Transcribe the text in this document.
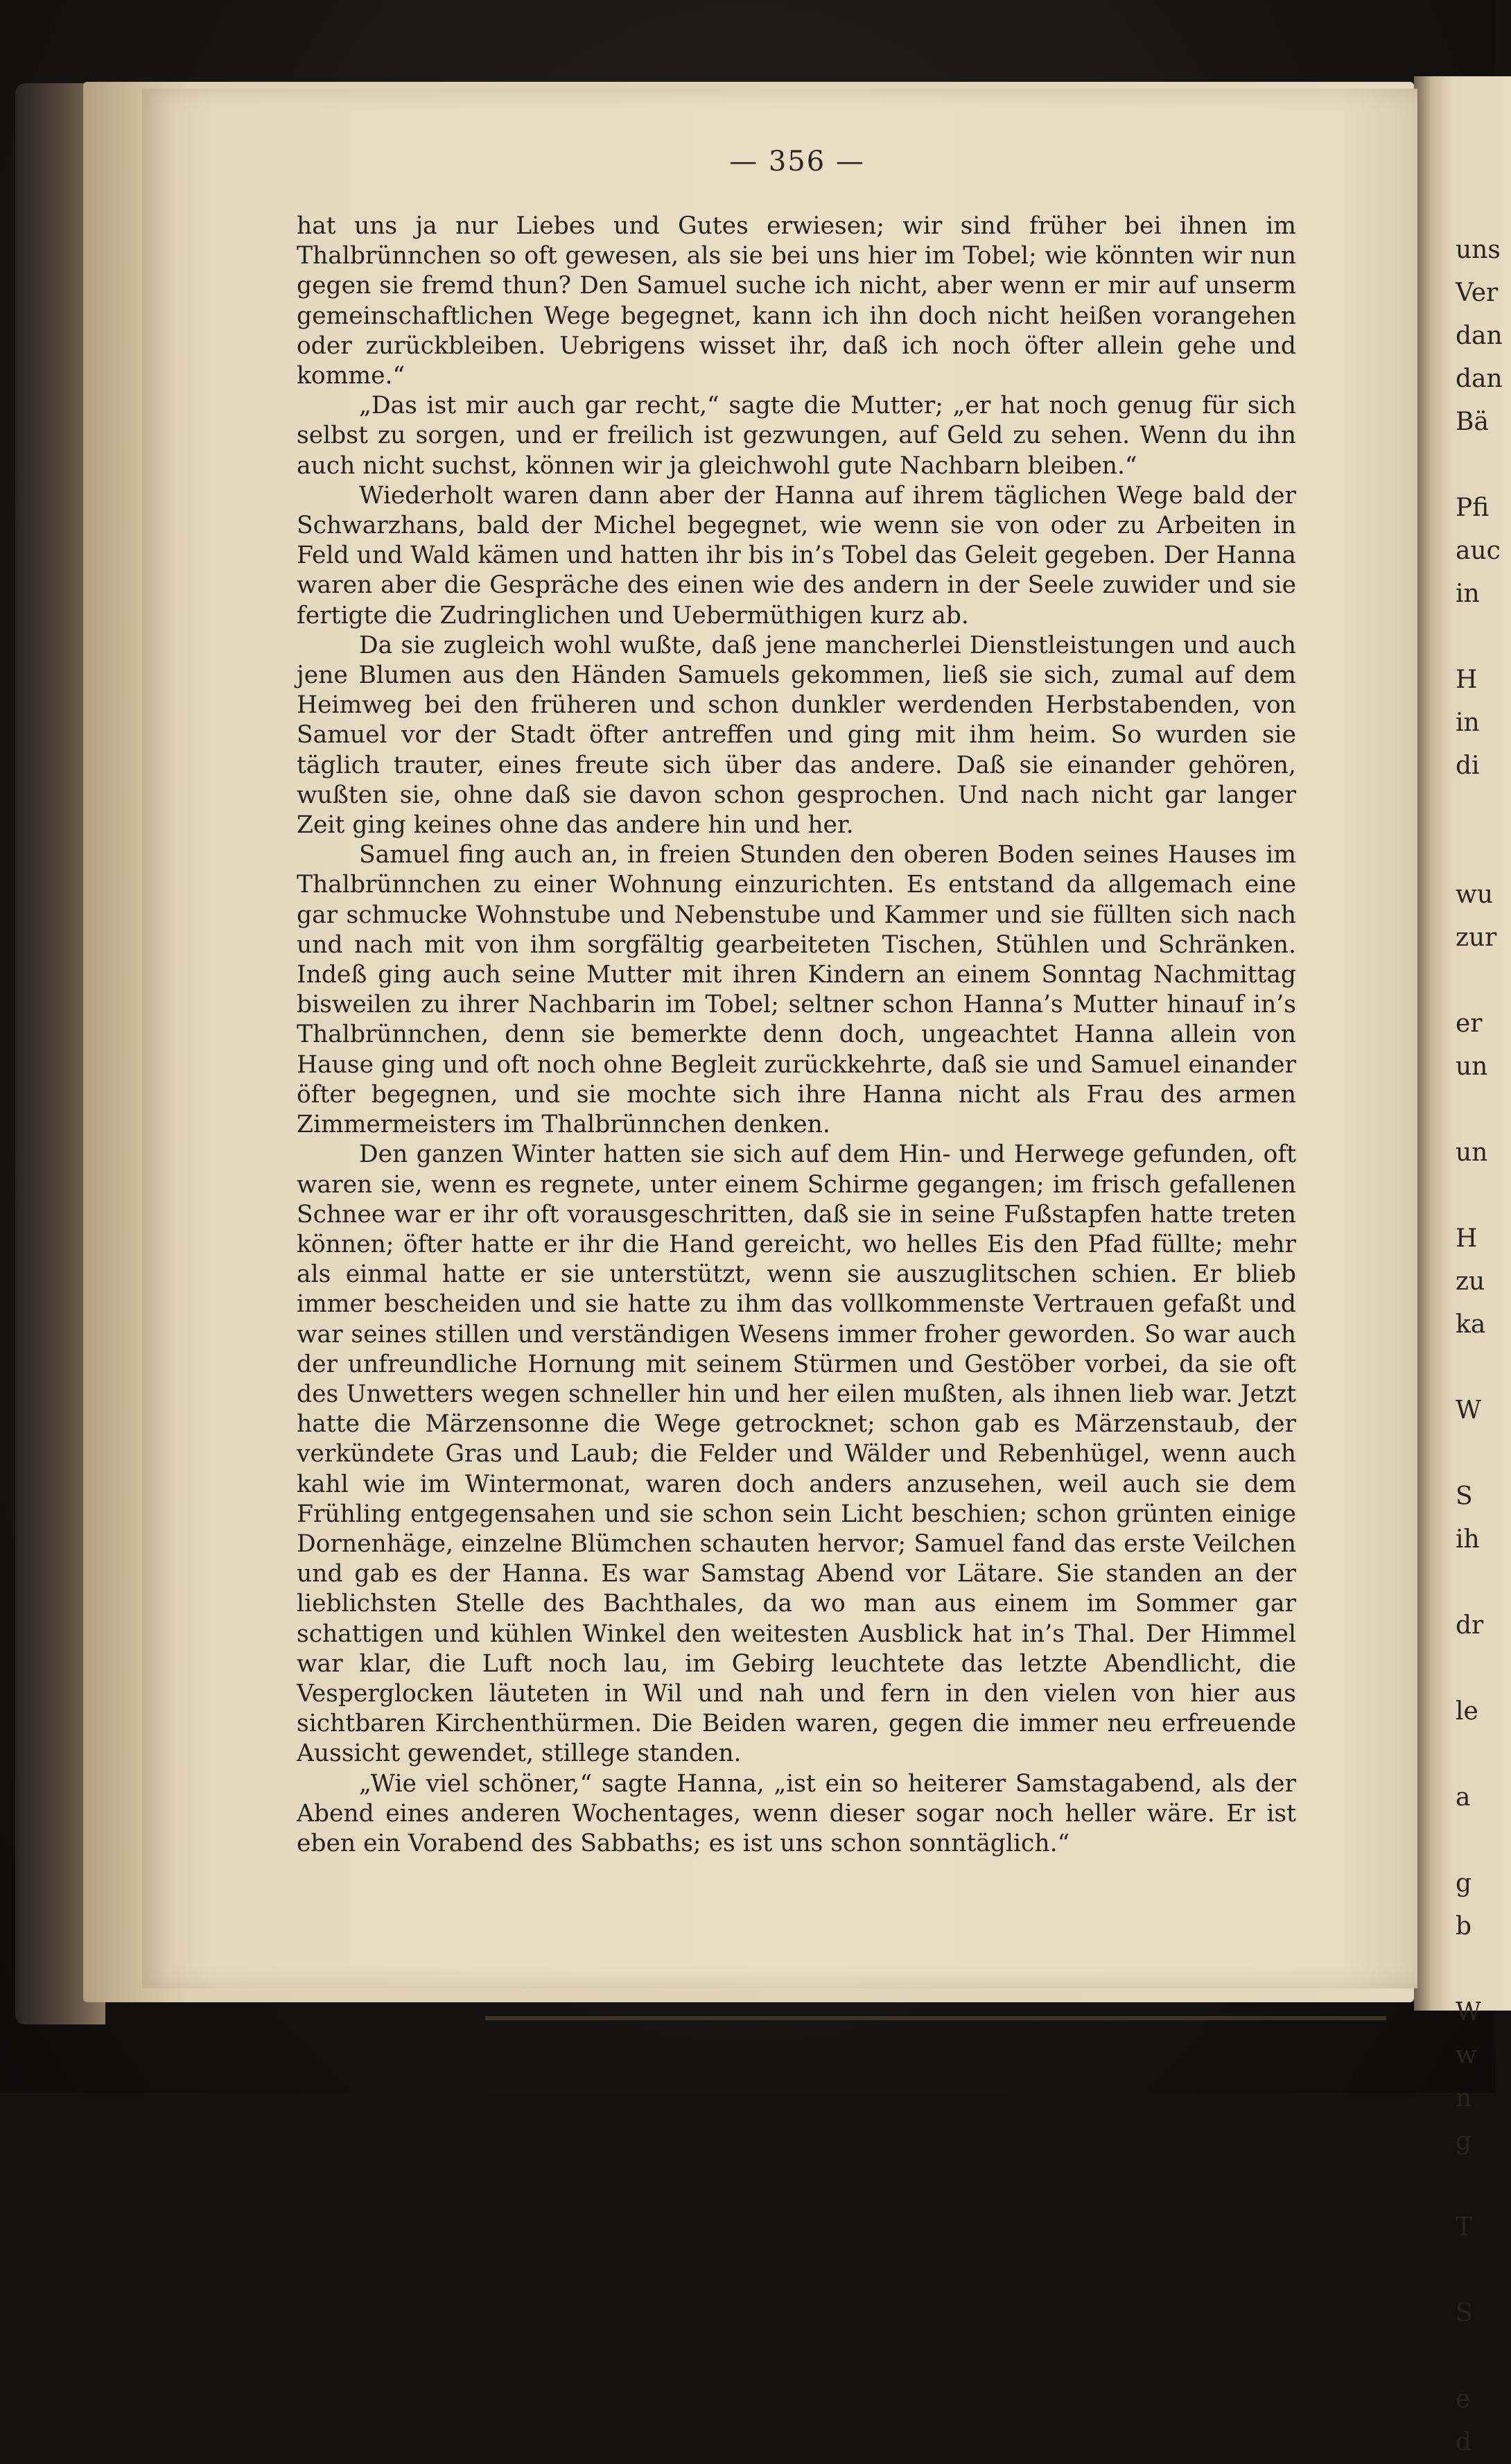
uns
Ver
dan
dan
Bä
Pfi
auc
in
H
in
di
wu
zur
er
un
un
H
zu
ka
W
S
ih
dr
le
a
g
b
W
w
n
g
T
S
e
d
— 356 —

hat uns ja nur Liebes und Gutes erwiesen; wir sind früher bei ihnen im Thalbrünnchen so oft gewesen, als sie bei uns hier im Tobel; wie könnten wir nun gegen sie fremd thun? Den Samuel suche ich nicht, aber wenn er mir auf unserm gemeinschaftlichen Wege begegnet, kann ich ihn doch nicht heißen vorangehen oder zurückbleiben. Uebrigens wisset ihr, daß ich noch öfter allein gehe und komme.“

„Das ist mir auch gar recht,“ sagte die Mutter; „er hat noch genug für sich selbst zu sorgen, und er freilich ist gezwungen, auf Geld zu sehen. Wenn du ihn auch nicht suchst, können wir ja gleichwohl gute Nachbarn bleiben.“

Wiederholt waren dann aber der Hanna auf ihrem täglichen Wege bald der Schwarzhans, bald der Michel begegnet, wie wenn sie von oder zu Arbeiten in Feld und Wald kämen und hatten ihr bis in’s Tobel das Geleit gegeben. Der Hanna waren aber die Gespräche des einen wie des andern in der Seele zuwider und sie fertigte die Zudringlichen und Uebermüthigen kurz ab.

Da sie zugleich wohl wußte, daß jene mancherlei Dienstleistungen und auch jene Blumen aus den Händen Samuels gekommen, ließ sie sich, zumal auf dem Heimweg bei den früheren und schon dunkler werdenden Herbstabenden, von Samuel vor der Stadt öfter antreffen und ging mit ihm heim. So wurden sie täglich trauter, eines freute sich über das andere. Daß sie einander gehören, wußten sie, ohne daß sie davon schon gesprochen. Und nach nicht gar langer Zeit ging keines ohne das andere hin und her.

Samuel fing auch an, in freien Stunden den oberen Boden seines Hauses im Thalbrünnchen zu einer Wohnung einzurichten. Es entstand da allgemach eine gar schmucke Wohnstube und Nebenstube und Kammer und sie füllten sich nach und nach mit von ihm sorgfältig gearbeiteten Tischen, Stühlen und Schränken. Indeß ging auch seine Mutter mit ihren Kindern an einem Sonntag Nachmittag bisweilen zu ihrer Nachbarin im Tobel; seltner schon Hanna’s Mutter hinauf in’s Thalbrünnchen, denn sie bemerkte denn doch, ungeachtet Hanna allein von Hause ging und oft noch ohne Begleit zurückkehrte, daß sie und Samuel einander öfter begegnen, und sie mochte sich ihre Hanna nicht als Frau des armen Zimmermeisters im Thalbrünnchen denken.

Den ganzen Winter hatten sie sich auf dem Hin- und Herwege gefunden, oft waren sie, wenn es regnete, unter einem Schirme gegangen; im frisch gefallenen Schnee war er ihr oft vorausgeschritten, daß sie in seine Fußstapfen hatte treten können; öfter hatte er ihr die Hand gereicht, wo helles Eis den Pfad füllte; mehr als einmal hatte er sie unterstützt, wenn sie auszuglitschen schien. Er blieb immer bescheiden und sie hatte zu ihm das vollkommenste Vertrauen gefaßt und war seines stillen und verständigen Wesens immer froher geworden. So war auch der unfreundliche Hornung mit seinem Stürmen und Gestöber vorbei, da sie oft des Unwetters wegen schneller hin und her eilen mußten, als ihnen lieb war. Jetzt hatte die Märzensonne die Wege getrocknet; schon gab es Märzenstaub, der verkündete Gras und Laub; die Felder und Wälder und Rebenhügel, wenn auch kahl wie im Wintermonat, waren doch anders anzusehen, weil auch sie dem Frühling entgegensahen und sie schon sein Licht beschien; schon grünten einige Dornenhäge, einzelne Blümchen schauten hervor; Samuel fand das erste Veilchen und gab es der Hanna. Es war Samstag Abend vor Lätare. Sie standen an der lieblichsten Stelle des Bachthales, da wo man aus einem im Sommer gar schattigen und kühlen Winkel den weitesten Ausblick hat in’s Thal. Der Himmel war klar, die Luft noch lau, im Gebirg leuchtete das letzte Abendlicht, die Vesperglocken läuteten in Wil und nah und fern in den vielen von hier aus sichtbaren Kirchenthürmen. Die Beiden waren, gegen die immer neu erfreuende Aussicht gewendet, stillege standen.

„Wie viel schöner,“ sagte Hanna, „ist ein so heiterer Samstagabend, als der Abend eines anderen Wochentages, wenn dieser sogar noch heller wäre. Er ist eben ein Vorabend des Sabbaths; es ist uns schon sonntäglich.“
